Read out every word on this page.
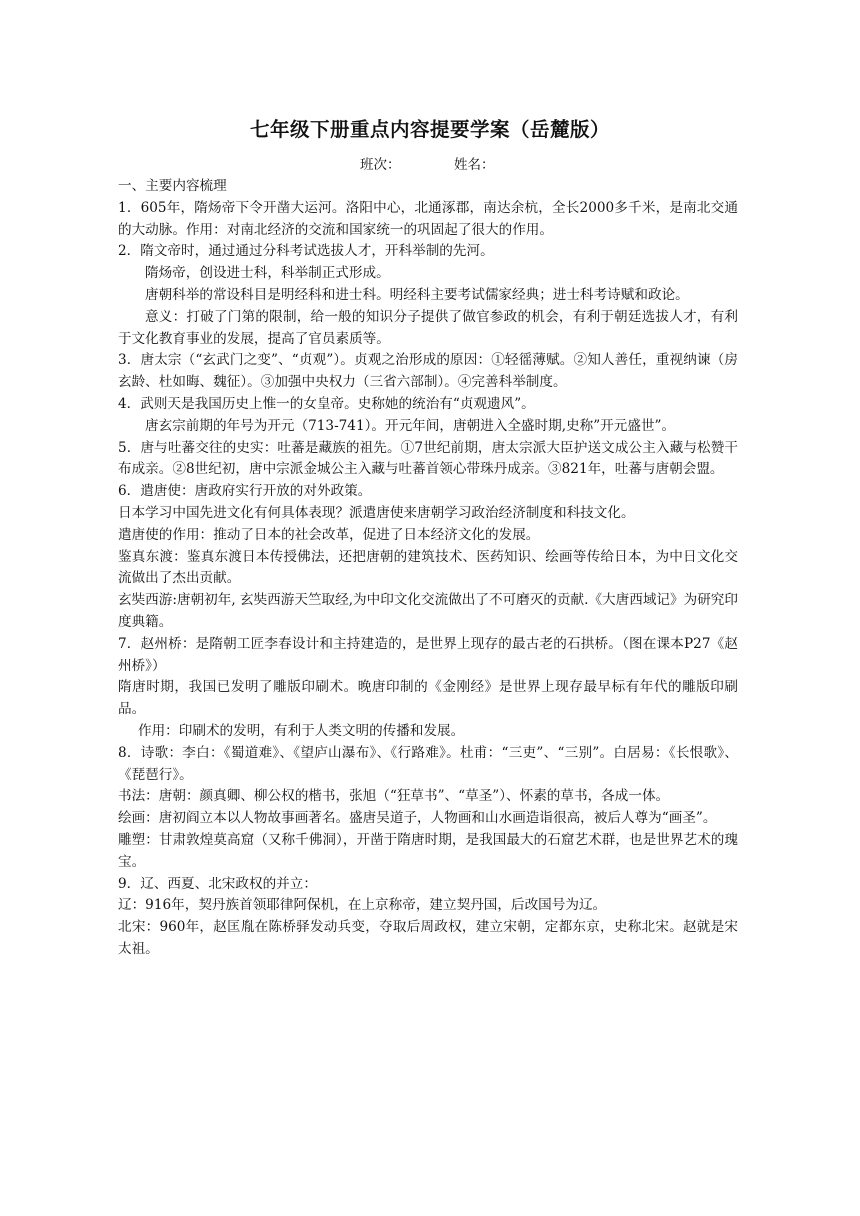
七年级下册重点内容提要学案（岳麓版）
班次：	姓名：

一、主要内容梳理

1．605年，隋炀帝下令开凿大运河。洛阳中心，北通涿郡，南达余杭，全长2000多千米，是南北交通的大动脉。作用：对南北经济的交流和国家统一的巩固起了很大的作用。

2．隋文帝时，通过通过分科考试选拔人才，开科举制的先河。

隋炀帝，创设进士科，科举制正式形成。

唐朝科举的常设科目是明经科和进士科。明经科主要考试儒家经典；进士科考诗赋和政论。

意义：打破了门第的限制，给一般的知识分子提供了做官参政的机会，有利于朝廷选拔人才，有利于文化教育事业的发展，提高了官员素质等。

3．唐太宗（“玄武门之变”、“贞观”）。贞观之治形成的原因：①轻徭薄赋。②知人善任，重视纳谏（房玄龄、杜如晦、魏征）。③加强中央权力（三省六部制）。④完善科举制度。

4．武则天是我国历史上惟一的女皇帝。史称她的统治有“贞观遗风”。

唐玄宗前期的年号为开元（713-741）。开元年间，唐朝进入全盛时期,史称”开元盛世”。

5．唐与吐蕃交往的史实：吐蕃是藏族的祖先。①7世纪前期，唐太宗派大臣护送文成公主入藏与松赞干布成亲。②8世纪初，唐中宗派金城公主入藏与吐蕃首领心带珠丹成亲。③821年，吐蕃与唐朝会盟。

6．遣唐使：唐政府实行开放的对外政策。

日本学习中国先进文化有何具体表现？派遣唐使来唐朝学习政治经济制度和科技文化。

遣唐使的作用：推动了日本的社会改革，促进了日本经济文化的发展。

鉴真东渡：鉴真东渡日本传授佛法，还把唐朝的建筑技术、医药知识、绘画等传给日本，为中日文化交流做出了杰出贡献。

玄奘西游:唐朝初年, 玄奘西游天竺取经,为中印文化交流做出了不可磨灭的贡献.《大唐西域记》为研究印度典籍。

7．赵州桥：是隋朝工匠李春设计和主持建造的，是世界上现存的最古老的石拱桥。（图在课本P27《赵州桥》）

隋唐时期，我国已发明了雕版印刷术。晚唐印制的《金刚经》是世界上现存最早标有年代的雕版印刷品。

作用：印刷术的发明，有利于人类文明的传播和发展。

8．诗歌：李白：《蜀道难》、《望庐山瀑布》、《行路难》。杜甫：“三吏”、“三别”。白居易：《长恨歌》、《琵琶行》。

书法：唐朝：颜真卿、柳公权的楷书，张旭（“狂草书”、“草圣”）、怀素的草书，各成一体。

绘画：唐初阎立本以人物故事画著名。盛唐吴道子，人物画和山水画造诣很高，被后人尊为“画圣”。

雕塑：甘肃敦煌莫高窟（又称千佛洞），开凿于隋唐时期，是我国最大的石窟艺术群，也是世界艺术的瑰宝。

9．辽、西夏、北宋政权的并立：

辽：916年，契丹族首领耶律阿保机，在上京称帝，建立契丹国，后改国号为辽。

北宋：960年，赵匡胤在陈桥驿发动兵变，夺取后周政权，建立宋朝，定都东京，史称北宋。赵就是宋太祖。
